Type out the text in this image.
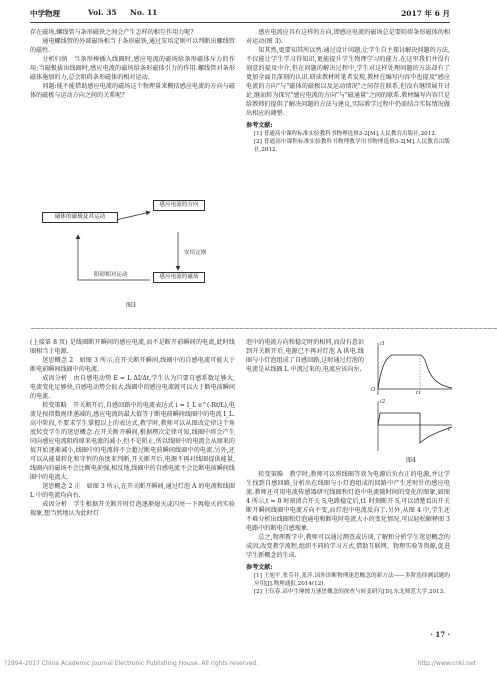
中学物理	Vol. 35 No. 11	2017 年 6 月

存在磁场,螺线管与条形磁铁之间会产生怎样的相互作用力呢?

通电螺线管的外部磁场相当于条形磁铁,通过安培定则可以判断出螺线管的磁性.

分析归纳　当条形棒插入线圈时,感应电流的磁场给条形磁体斥力的作用;当磁极拔出线圈时,感应电流的磁场给条形磁体引力的作用.螺线管对条形磁体施加的力,总会阻碍条形磁体的相对运动.

问题:能不能借助感应电流的磁场这个物理量来概括感应电流的方向与磁体的磁极与运动方向之间的关系呢?

磁体的磁极及其运动
感应电流的方向
感应电流的磁场
安培定则
阻碍相对运动
图3

感应电流应具有这样的方向,即感应电流的磁场总是要阻碍条形磁体的相对运动(图 3).

知其然,更要知其所以然.通过设计问题,让学生自主探讨解决问题的方法,不仅能让学生学习得知识,更能提升学生物理学习的能力.在这里我们并没有刻意的提及中介,但在问题的解决过程中,学生对这样处理问题的方法却有了更加全面且深刻的认识.研读教材时笔者发现,教材在编写内容中也提及"感应电流的方向"与"磁体的磁极以及运动情况"之间存在联系,但没有继续展开讨论,继而转为探究"感应电流的方向"与"磁通量"之间的联系.教材编写内容只是给教师们提供了解决问题的方法与建议,实际教学过程中仍需结合实际情况做出相应的调整.

参考文献:

[1] 普通高中课程标准实验教科书物理选修3-2[M].人民教育出版社,2012.

[2] 普通高中课程标准实验教科书物理教学用书物理选修3-2[M].人民教育出版社,2012.

~~~~~~~~~~~~~~~~~~~~~~~~~~~~~~~~~~~~~~~~~~~~~~~~~~~~~~~~~~~~~~~~~~~~~~~~~~~~~~~~~~~~~~~~~~~~~~~~

(上接第 8 页) 是线圈断开瞬间的感应电流,而不是断开前瞬间的电流,此时线圈相当于电源.

迷思概念 2　如图 3 所示,在开关断开瞬间,线圈中的自感电流可能大于断电前瞬间线圈中的电流.

成因分析　由自感电动势 E = L ΔI/Δt,学生认为只要自感系数足够大,电流变化足够快,自感电动势会很大,线圈中的感应电流就可以大于断电前瞬间的电流.

转变策略　开关断开后,自感回路中的电流表达式 i = I_L e^(-Rt/L),电流是按指数规律递减的,感应电流的最大值等于断电前瞬间线圈中的电流 I_L.高中阶段,不要求学生掌握以上的表达式,教学时,教师可以从图改定律这个角度转变学生的迷思概念.在开关断开瞬间,根据楞次定律可知,线圈中将会产生同向感应电流阻碍原来电流的减小,但不是阻止,所以线圈中的电流会从原来的值开始逐渐减小,线圈中的电流将不会超过断电前瞬间线圈中的电流.另外,还可以从能量转化和守恒的角度来判断,开关断开后,电源不再对线圈提供能量,线圈内的磁场不会比断电前强,相反地,线圈中的自感电流不会比断电前瞬间线圈中的电流大.

迷思概念 2 正　如图 3 所示,在开关断开瞬间,通过灯泡 A 的电流和线圈 L 中的电流均向右.

成因分析　学生根据开关断开时灯泡逐渐熄灭或闪亮一下再熄灭的实验现象,想当然地认为此时灯

泡中的电流方向和稳定时的相同,而没有意识到开关断开后,电源已不再对灯泡 A 供电.线圈与小灯泡组成了自感回路,这时通过灯泡的电流是从线圈 L 中流过来的,电流应该向左.

转变策略　教学时,教师可以将线圈等效为电源后负右正的电源,并让学生找到自感回路,分析出在线圈与小灯泡组成的回路中产生逆时针的感应电流.教师还可用电流传感器研究线圈和灯泡中电流随时间的变化的图象,如图 4 所示,t = 0 时刻闭合开关 S,电路稳定后,t1 时刻断开 S,可以清楚看出开关断开瞬间线圈中电流方向不变,而灯泡中电流反向了.另外,从图 4 中,学生还不难分析出线圈和灯泡通电和断电时电流大小的变化情况,可以轻松解释图 3 电路中的断电自感现象.

总之,物理教学中,教师可以通过测查或访谈,了解和分析学生迷思概念的成因,改变教学流程,组织不同的学习方式,借助互联网、物理实验等资源,促进学生新概念的生成.

参考文献:

[1] 王旭平,张芬井,张萍.国外诊断物理迷思概念的新方法——多阶选择测试题的应用[J].物理通报,2014(12).

[2] 王钰春.高中生摩擦力迷思概念的探查与转变研究[D].东北师范大学,2013.

i1
i2
O	t1
t
图4
· 17 ·
?1994-2017 China Academic Journal Electronic Publishing House. All rights reserved.	http://www.cnki.net
